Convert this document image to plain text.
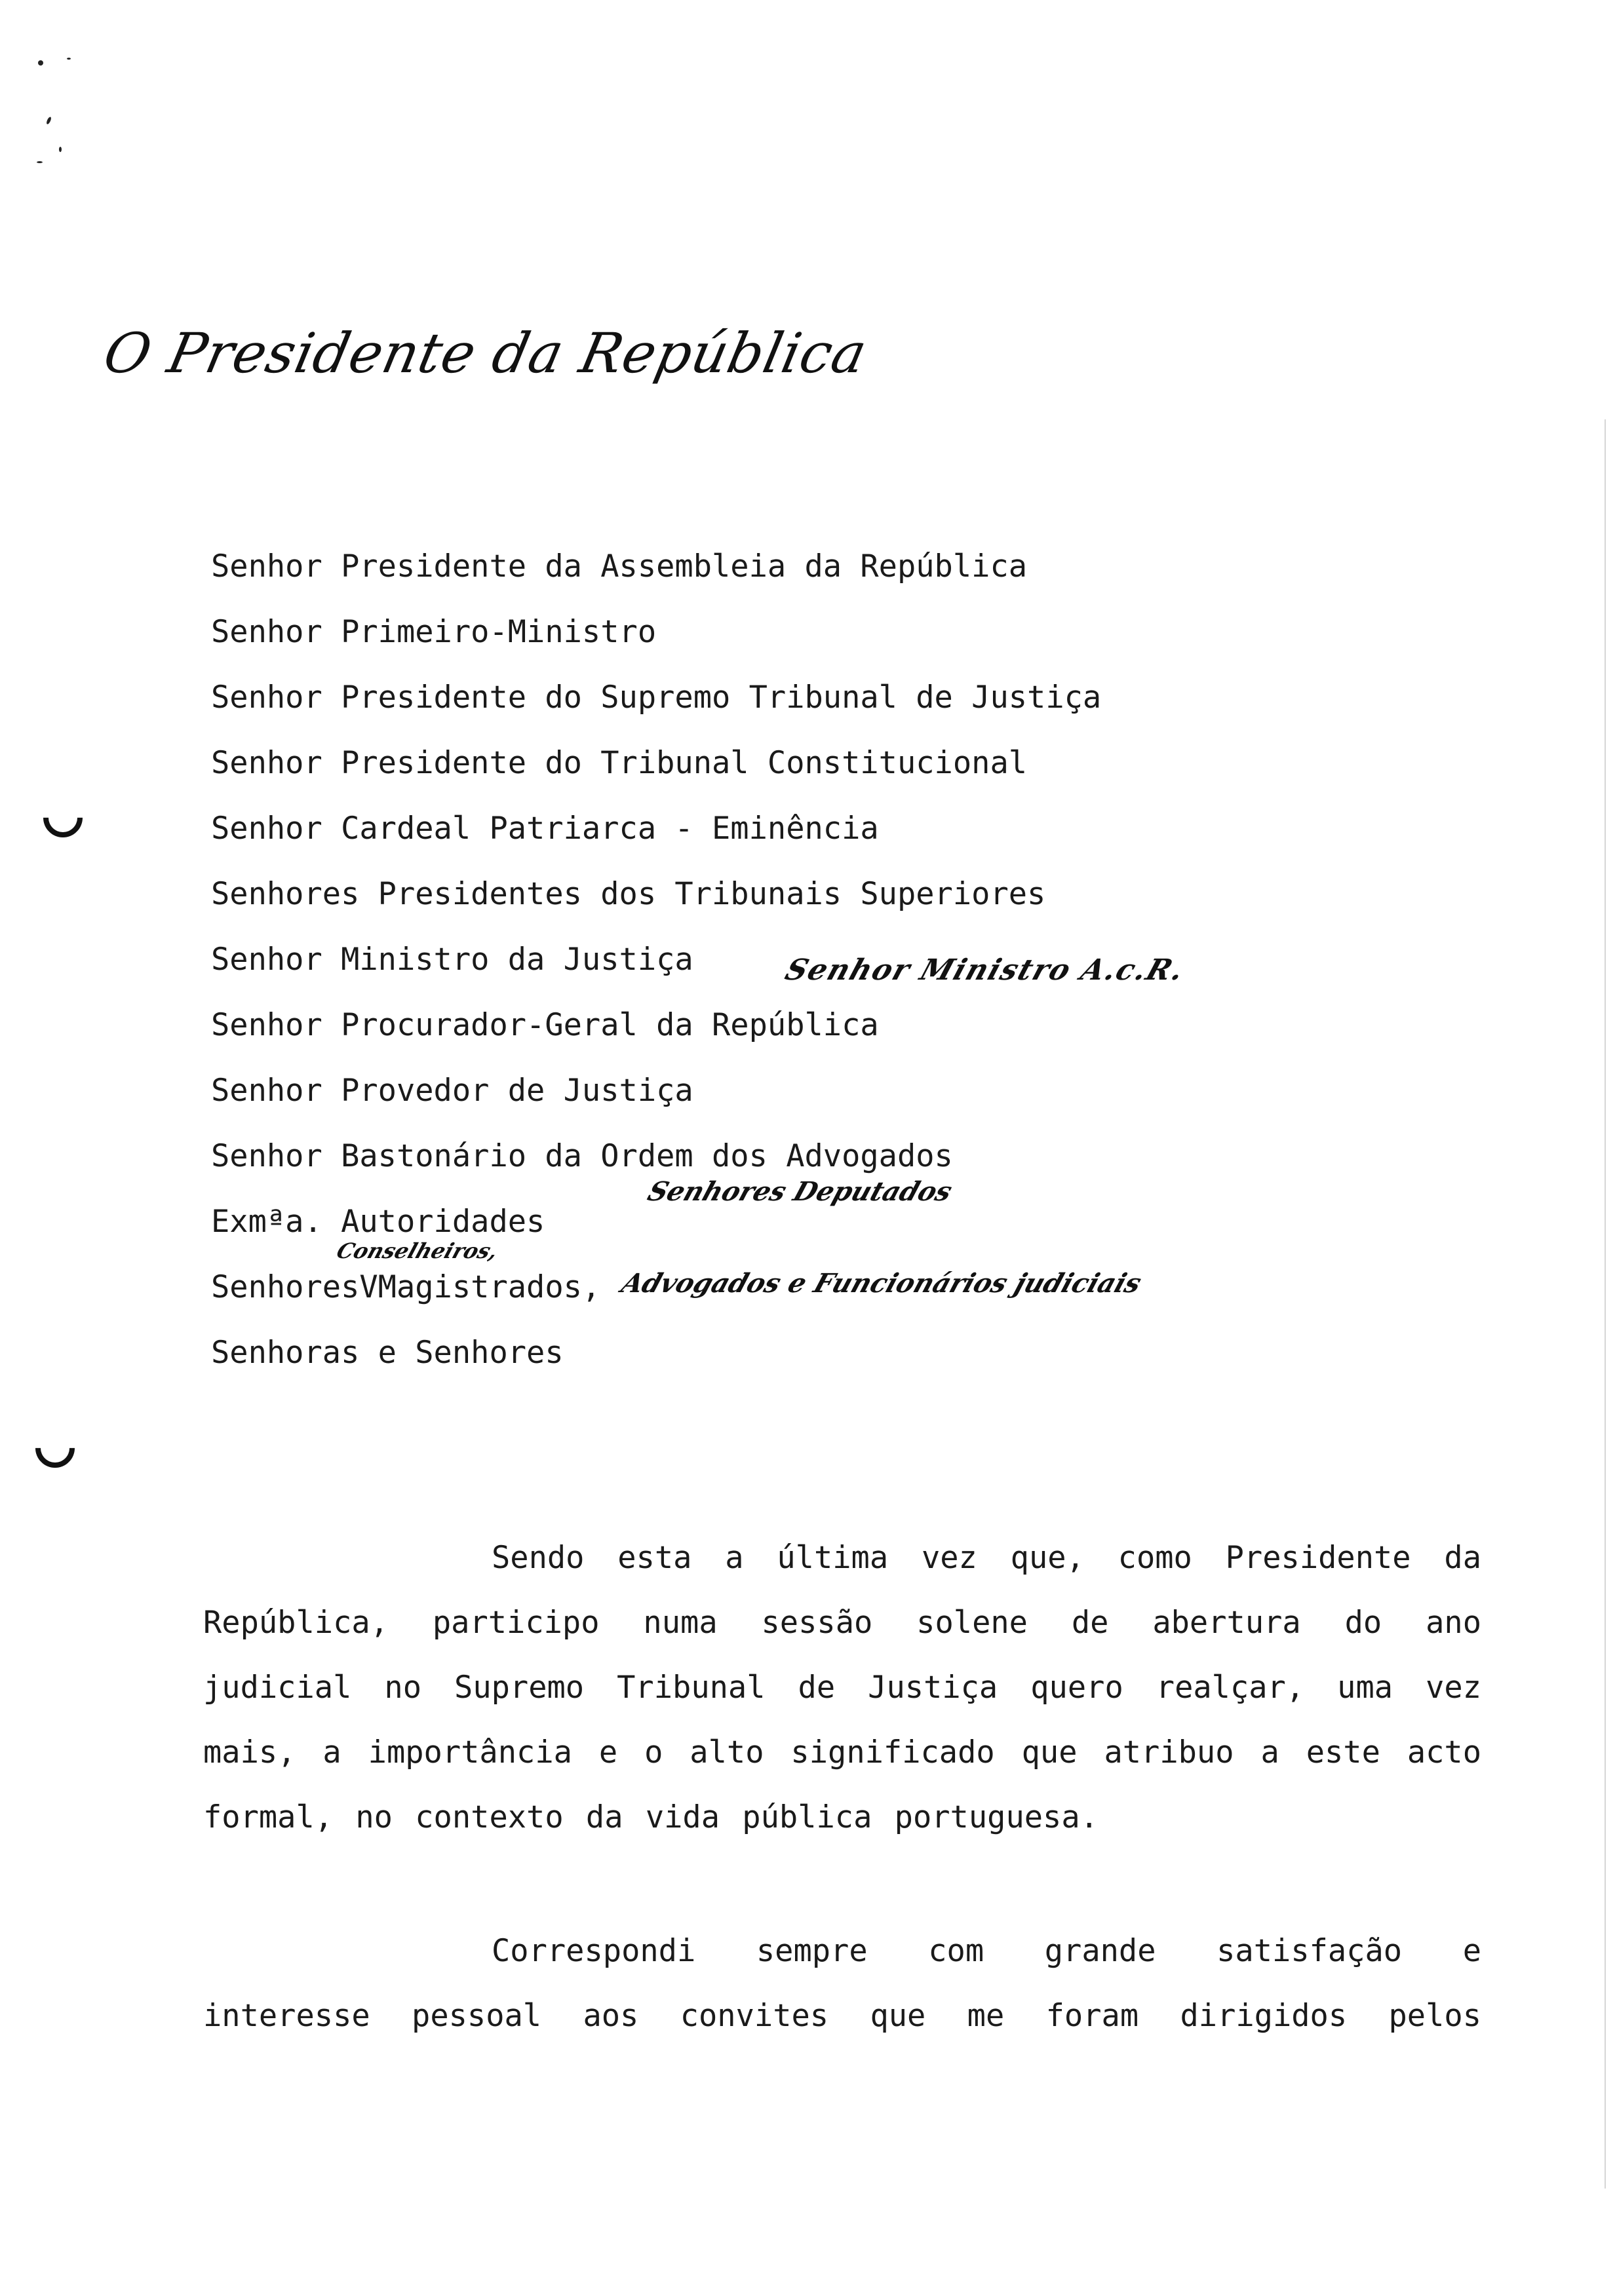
O Presidente da República
Senhor Presidente da Assembleia da República
Senhor Primeiro-Ministro
Senhor Presidente do Supremo Tribunal de Justiça
Senhor Presidente do Tribunal Constitucional
Senhor Cardeal Patriarca - Eminência
Senhores Presidentes dos Tribunais Superiores
Senhor Ministro da Justiça
Senhor Procurador-Geral da República
Senhor Provedor de Justiça
Senhor Bastonário da Ordem dos Advogados
Exmªa. Autoridades
SenhoresVMagistrados,
Senhoras e Senhores
Senhor Ministro A.c.R.
Senhores Deputados
Conselheiros,
Advogados e Funcionários judiciais
Sendo esta a última vez que, como Presidente da
República, participo numa sessão solene de abertura do ano
judicial no Supremo Tribunal de Justiça quero realçar, uma vez
mais, a importância e o alto significado que atribuo a este acto
formal, no contexto da vida pública portuguesa.
Correspondi sempre com grande satisfação e
interesse pessoal aos convites que me foram dirigidos pelos
